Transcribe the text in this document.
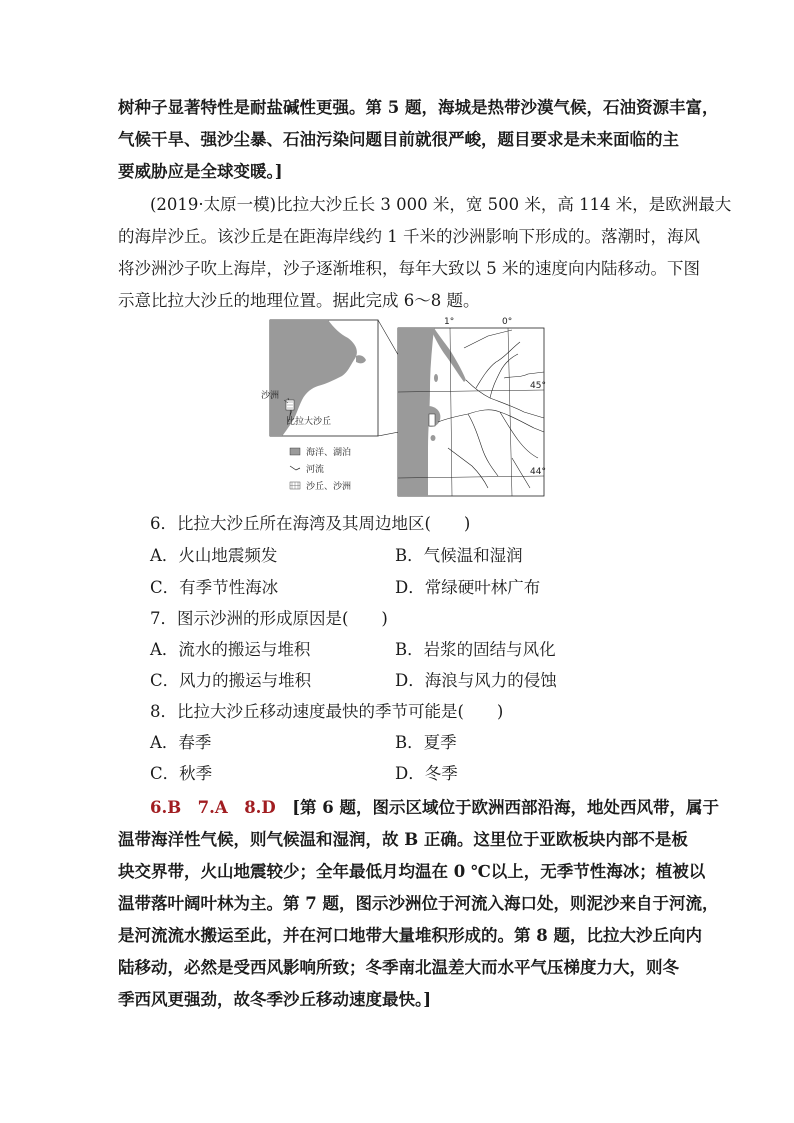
树种子显著特性是耐盐碱性更强。第 5 题，海城是热带沙漠气候，石油资源丰富，
气候干旱、强沙尘暴、石油污染问题目前就很严峻，题目要求是未来面临的主
要威胁应是全球变暖。]
(2019·太原一模)比拉大沙丘长 3 000 米，宽 500 米，高 114 米，是欧洲最大
的海岸沙丘。该沙丘是在距海岸线约 1 千米的沙洲影响下形成的。落潮时，海风
将沙洲沙子吹上海岸，沙子逐渐堆积，每年大致以 5 米的速度向内陆移动。下图
示意比拉大沙丘的地理位置。据此完成 6～8 题。
沙洲
比拉大沙丘
海洋、湖泊
河流
沙丘、沙洲
1°	0°
45°
44°
6．比拉大沙丘所在海湾及其周边地区(　　)
A．火山地震频发	B．气候温和湿润
C．有季节性海冰	D．常绿硬叶林广布
7．图示沙洲的形成原因是(　　)
A．流水的搬运与堆积	B．岩浆的固结与风化
C．风力的搬运与堆积	D．海浪与风力的侵蚀
8．比拉大沙丘移动速度最快的季节可能是(　　)
A．春季	B．夏季
C．秋季	D．冬季
6.B　7.A　8.D　[第 6 题，图示区域位于欧洲西部沿海，地处西风带，属于
温带海洋性气候，则气候温和湿润，故 B 正确。这里位于亚欧板块内部不是板
块交界带，火山地震较少；全年最低月均温在 0 ℃以上，无季节性海冰；植被以
温带落叶阔叶林为主。第 7 题，图示沙洲位于河流入海口处，则泥沙来自于河流，
是河流流水搬运至此，并在河口地带大量堆积形成的。第 8 题，比拉大沙丘向内
陆移动，必然是受西风影响所致；冬季南北温差大而水平气压梯度力大，则冬
季西风更强劲，故冬季沙丘移动速度最快。]
